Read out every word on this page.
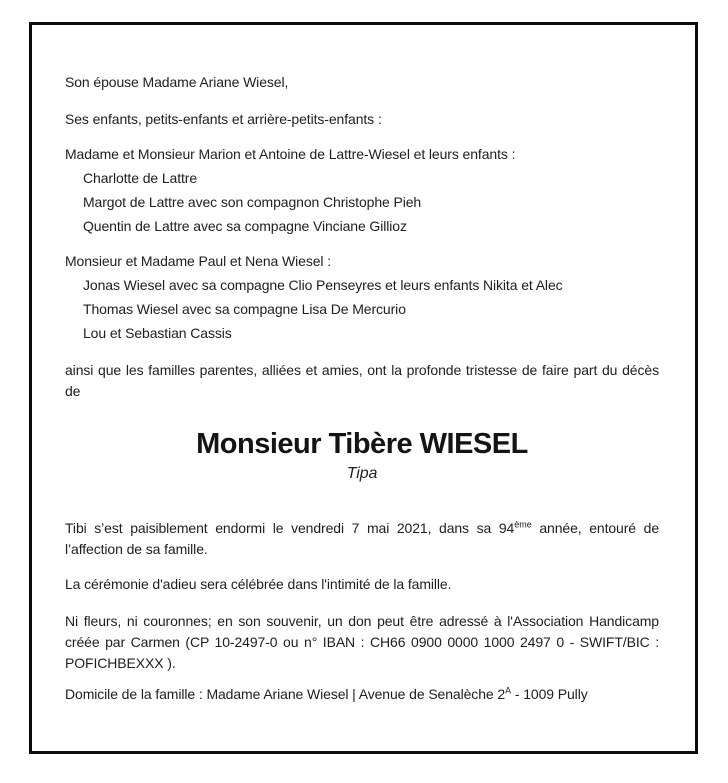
Son épouse Madame Ariane Wiesel,

Ses enfants, petits-enfants et arrière-petits-enfants :

Madame et Monsieur Marion et Antoine de Lattre-Wiesel et leurs enfants :

Charlotte de Lattre

Margot de Lattre avec son compagnon Christophe Pieh

Quentin de Lattre avec sa compagne Vinciane Gillioz

Monsieur et Madame Paul et Nena Wiesel :

Jonas Wiesel avec sa compagne Clio Penseyres et leurs enfants Nikita et Alec

Thomas Wiesel avec sa compagne Lisa De Mercurio

Lou et Sebastian Cassis

ainsi que les familles parentes, alliées et amies, ont la profonde tristesse de faire part du décès de

Monsieur Tibère WIESEL

Tipa

Tibi s’est paisiblement endormi le vendredi 7 mai 2021, dans sa 94ème année, entouré de l’affection de sa famille.

La cérémonie d'adieu sera célébrée dans l'intimité de la famille.

Ni fleurs, ni couronnes; en son souvenir, un don peut être adressé à l'Association Handicamp créée par Carmen (CP 10-2497-0 ou n° IBAN : CH66 0900 0000 1000 2497 0 - SWIFT/BIC : POFICHBEXXX ).

Domicile de la famille : Madame Ariane Wiesel | Avenue de Senalèche $2^A - 1009$ Pully
